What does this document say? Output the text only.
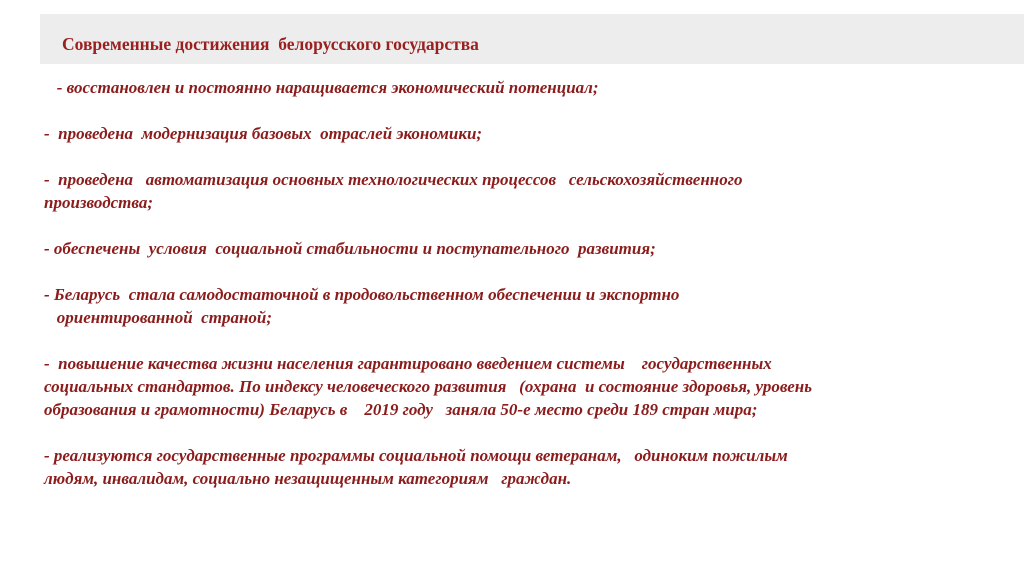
Современные достижения  белорусского государства
- восстановлен и постоянно наращивается экономический потенциал;
-  проведена  модернизация базовых  отраслей экономики;
-  проведена   автоматизация основных технологических процессов   сельскохозяйственного
производства;
- обеспечены  условия  социальной стабильности и поступательного  развития;
- Беларусь  стала самодостаточной в продовольственном обеспечении и экспортно
ориентированной  страной;
-  повышение качества жизни населения гарантировано введением системы    государственных
социальных стандартов. По индексу человеческого развития   (охрана  и состояние здоровья, уровень
образования и грамотности) Беларусь в    2019 году   заняла 50-е место среди 189 стран мира;
- реализуются государственные программы социальной помощи ветеранам,   одиноким пожилым
людям, инвалидам, социально незащищенным категориям   граждан.
